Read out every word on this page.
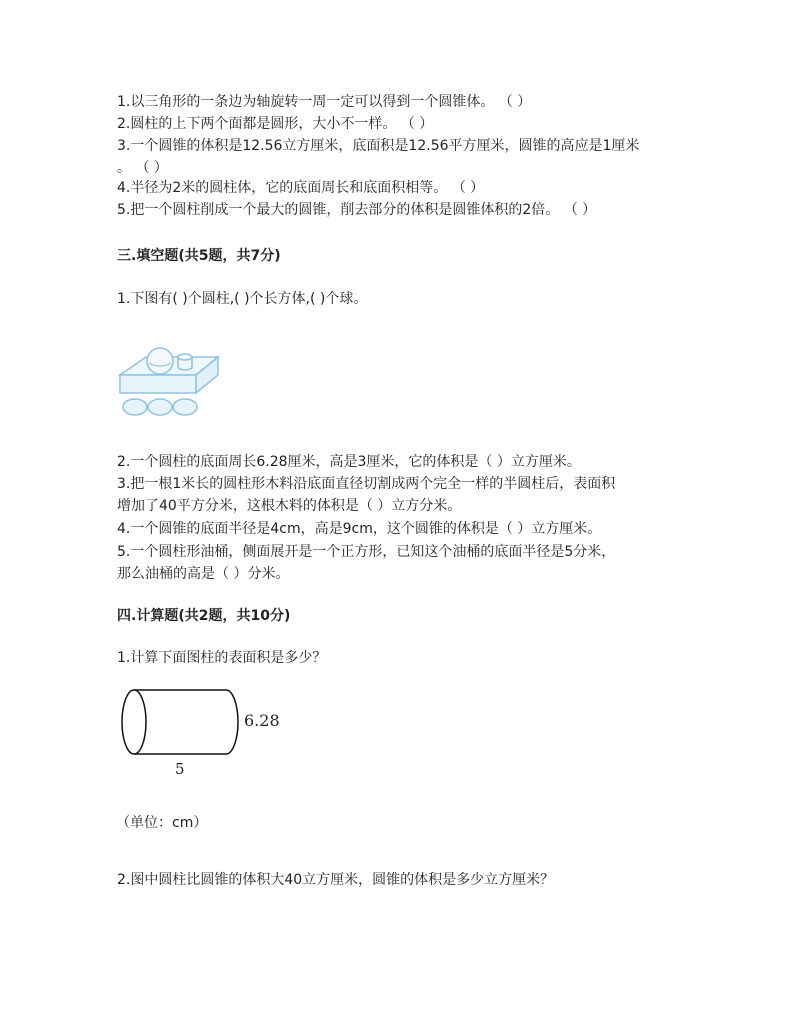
1.以三角形的一条边为轴旋转一周一定可以得到一个圆锥体。 （ ）
2.圆柱的上下两个面都是圆形，大小不一样。 （ ）
3.一个圆锥的体积是12.56立方厘米，底面积是12.56平方厘米，圆锥的高应是1厘米
。 （ ）
4.半径为2米的圆柱体，它的底面周长和底面积相等。 （ ）
5.把一个圆柱削成一个最大的圆锥，削去部分的体积是圆锥体积的2倍。 （ ）
三.填空题(共5题，共7分)
1.下图有( )个圆柱,( )个长方体,( )个球。
2.一个圆柱的底面周长6.28厘米，高是3厘米，它的体积是（ ）立方厘米。
3.把一根1米长的圆柱形木料沿底面直径切割成两个完全一样的半圆柱后，表面积
增加了40平方分米，这根木料的体积是（ ）立方分米。
4.一个圆锥的底面半径是4cm，高是9cm，这个圆锥的体积是（ ）立方厘米。
5.一个圆柱形油桶，侧面展开是一个正方形，已知这个油桶的底面半径是5分米，
那么油桶的高是（ ）分米。
四.计算题(共2题，共10分)
1.计算下面图柱的表面积是多少？
6.28
5
（单位：cm）
2.图中圆柱比圆锥的体积大40立方厘米，圆锥的体积是多少立方厘米？
